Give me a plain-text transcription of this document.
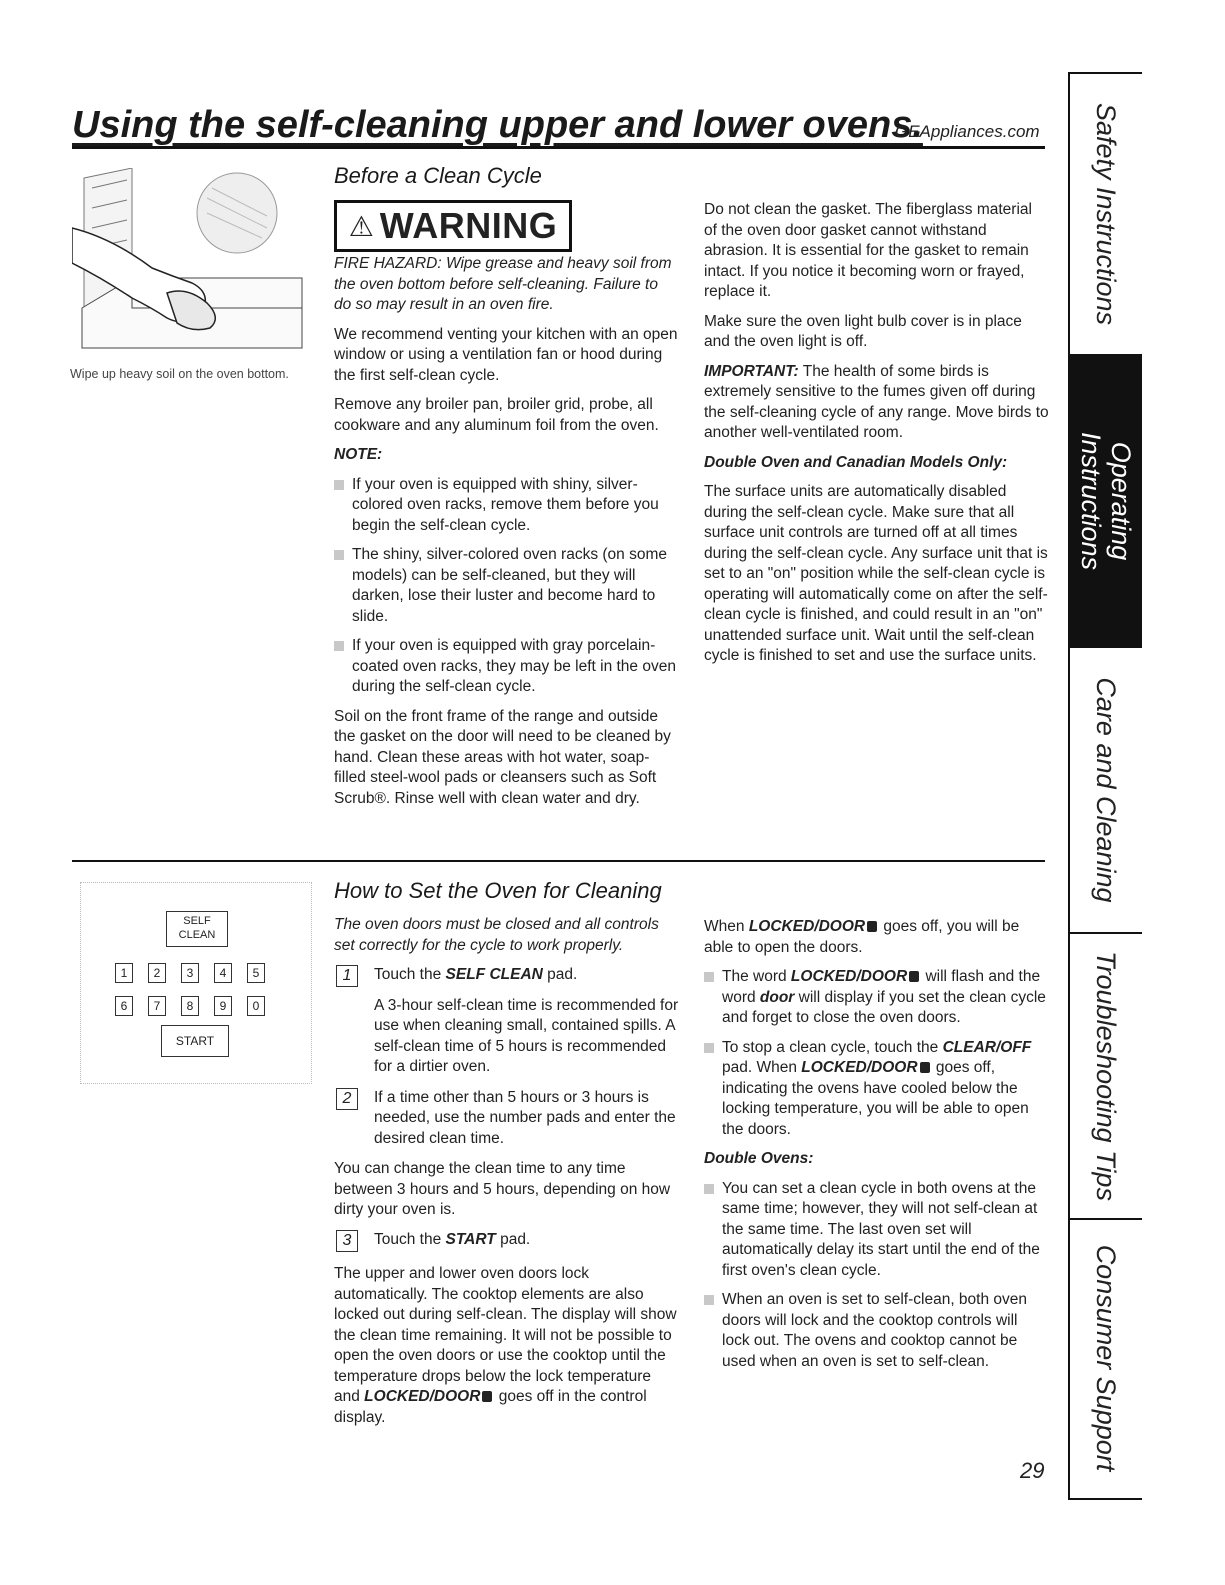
Using the self-cleaning upper and lower ovens.
GEAppliances.com
Wipe up heavy soil on the oven bottom.
Before a Clean Cycle
⚠ WARNING

FIRE HAZARD: Wipe grease and heavy soil from the oven bottom before self-cleaning. Failure to do so may result in an oven fire.

We recommend venting your kitchen with an open window or using a ventilation fan or hood during the first self-clean cycle.

Remove any broiler pan, broiler grid, probe, all cookware and any aluminum foil from the oven.

NOTE:

If your oven is equipped with shiny, silver-colored oven racks, remove them before you begin the self-clean cycle.
The shiny, silver-colored oven racks (on some models) can be self-cleaned, but they will darken, lose their luster and become hard to slide.
If your oven is equipped with gray porcelain-coated oven racks, they may be left in the oven during the self-clean cycle.

Soil on the front frame of the range and outside the gasket on the door will need to be cleaned by hand. Clean these areas with hot water, soap-filled steel-wool pads or cleansers such as Soft Scrub®. Rinse well with clean water and dry.

Do not clean the gasket. The fiberglass material of the oven door gasket cannot withstand abrasion. It is essential for the gasket to remain intact. If you notice it becoming worn or frayed, replace it.

Make sure the oven light bulb cover is in place and the oven light is off.

IMPORTANT: The health of some birds is extremely sensitive to the fumes given off during the self-cleaning cycle of any range. Move birds to another well-ventilated room.

Double Oven and Canadian Models Only:

The surface units are automatically disabled during the self-clean cycle. Make sure that all surface unit controls are turned off at all times during the self-clean cycle. Any surface unit that is set to an "on" position while the self-clean cycle is operating will automatically come on after the self-clean cycle is finished, and could result in an "on" unattended surface unit. Wait until the self-clean cycle is finished to set and use the surface units.

SELF
CLEAN
1	2	3	4	5
6	7	8	9	0
START
How to Set the Oven for Cleaning

The oven doors must be closed and all controls set correctly for the cycle to work properly.

1	Touch the SELF CLEAN pad.
A 3-hour self-clean time is recommended for use when cleaning small, contained spills. A self-clean time of 5 hours is recommended for a dirtier oven.
2	If a time other than 5 hours or 3 hours is needed, use the number pads and enter the desired clean time.

You can change the clean time to any time between 3 hours and 5 hours, depending on how dirty your oven is.

3	Touch the START pad.

The upper and lower oven doors lock automatically. The cooktop elements are also locked out during self-clean. The display will show the clean time remaining. It will not be possible to open the oven doors or use the cooktop until the temperature drops below the lock temperature and LOCKED/DOOR goes off in the control display.

When LOCKED/DOOR goes off, you will be able to open the doors.

The word LOCKED/DOOR will flash and the word door will display if you set the clean cycle and forget to close the oven doors.
To stop a clean cycle, touch the CLEAR/OFF pad. When LOCKED/DOOR goes off, indicating the ovens have cooled below the locking temperature, you will be able to open the doors.

Double Ovens:

You can set a clean cycle in both ovens at the same time; however, they will not self-clean at the same time. The last oven set will automatically delay its start until the end of the first oven's clean cycle.
When an oven is set to self-clean, both oven doors will lock and the cooktop controls will lock out. The ovens and cooktop cannot be used when an oven is set to self-clean.
Safety Instructions
Operating
Instructions
Care and Cleaning
Troubleshooting Tips
Consumer Support
29
